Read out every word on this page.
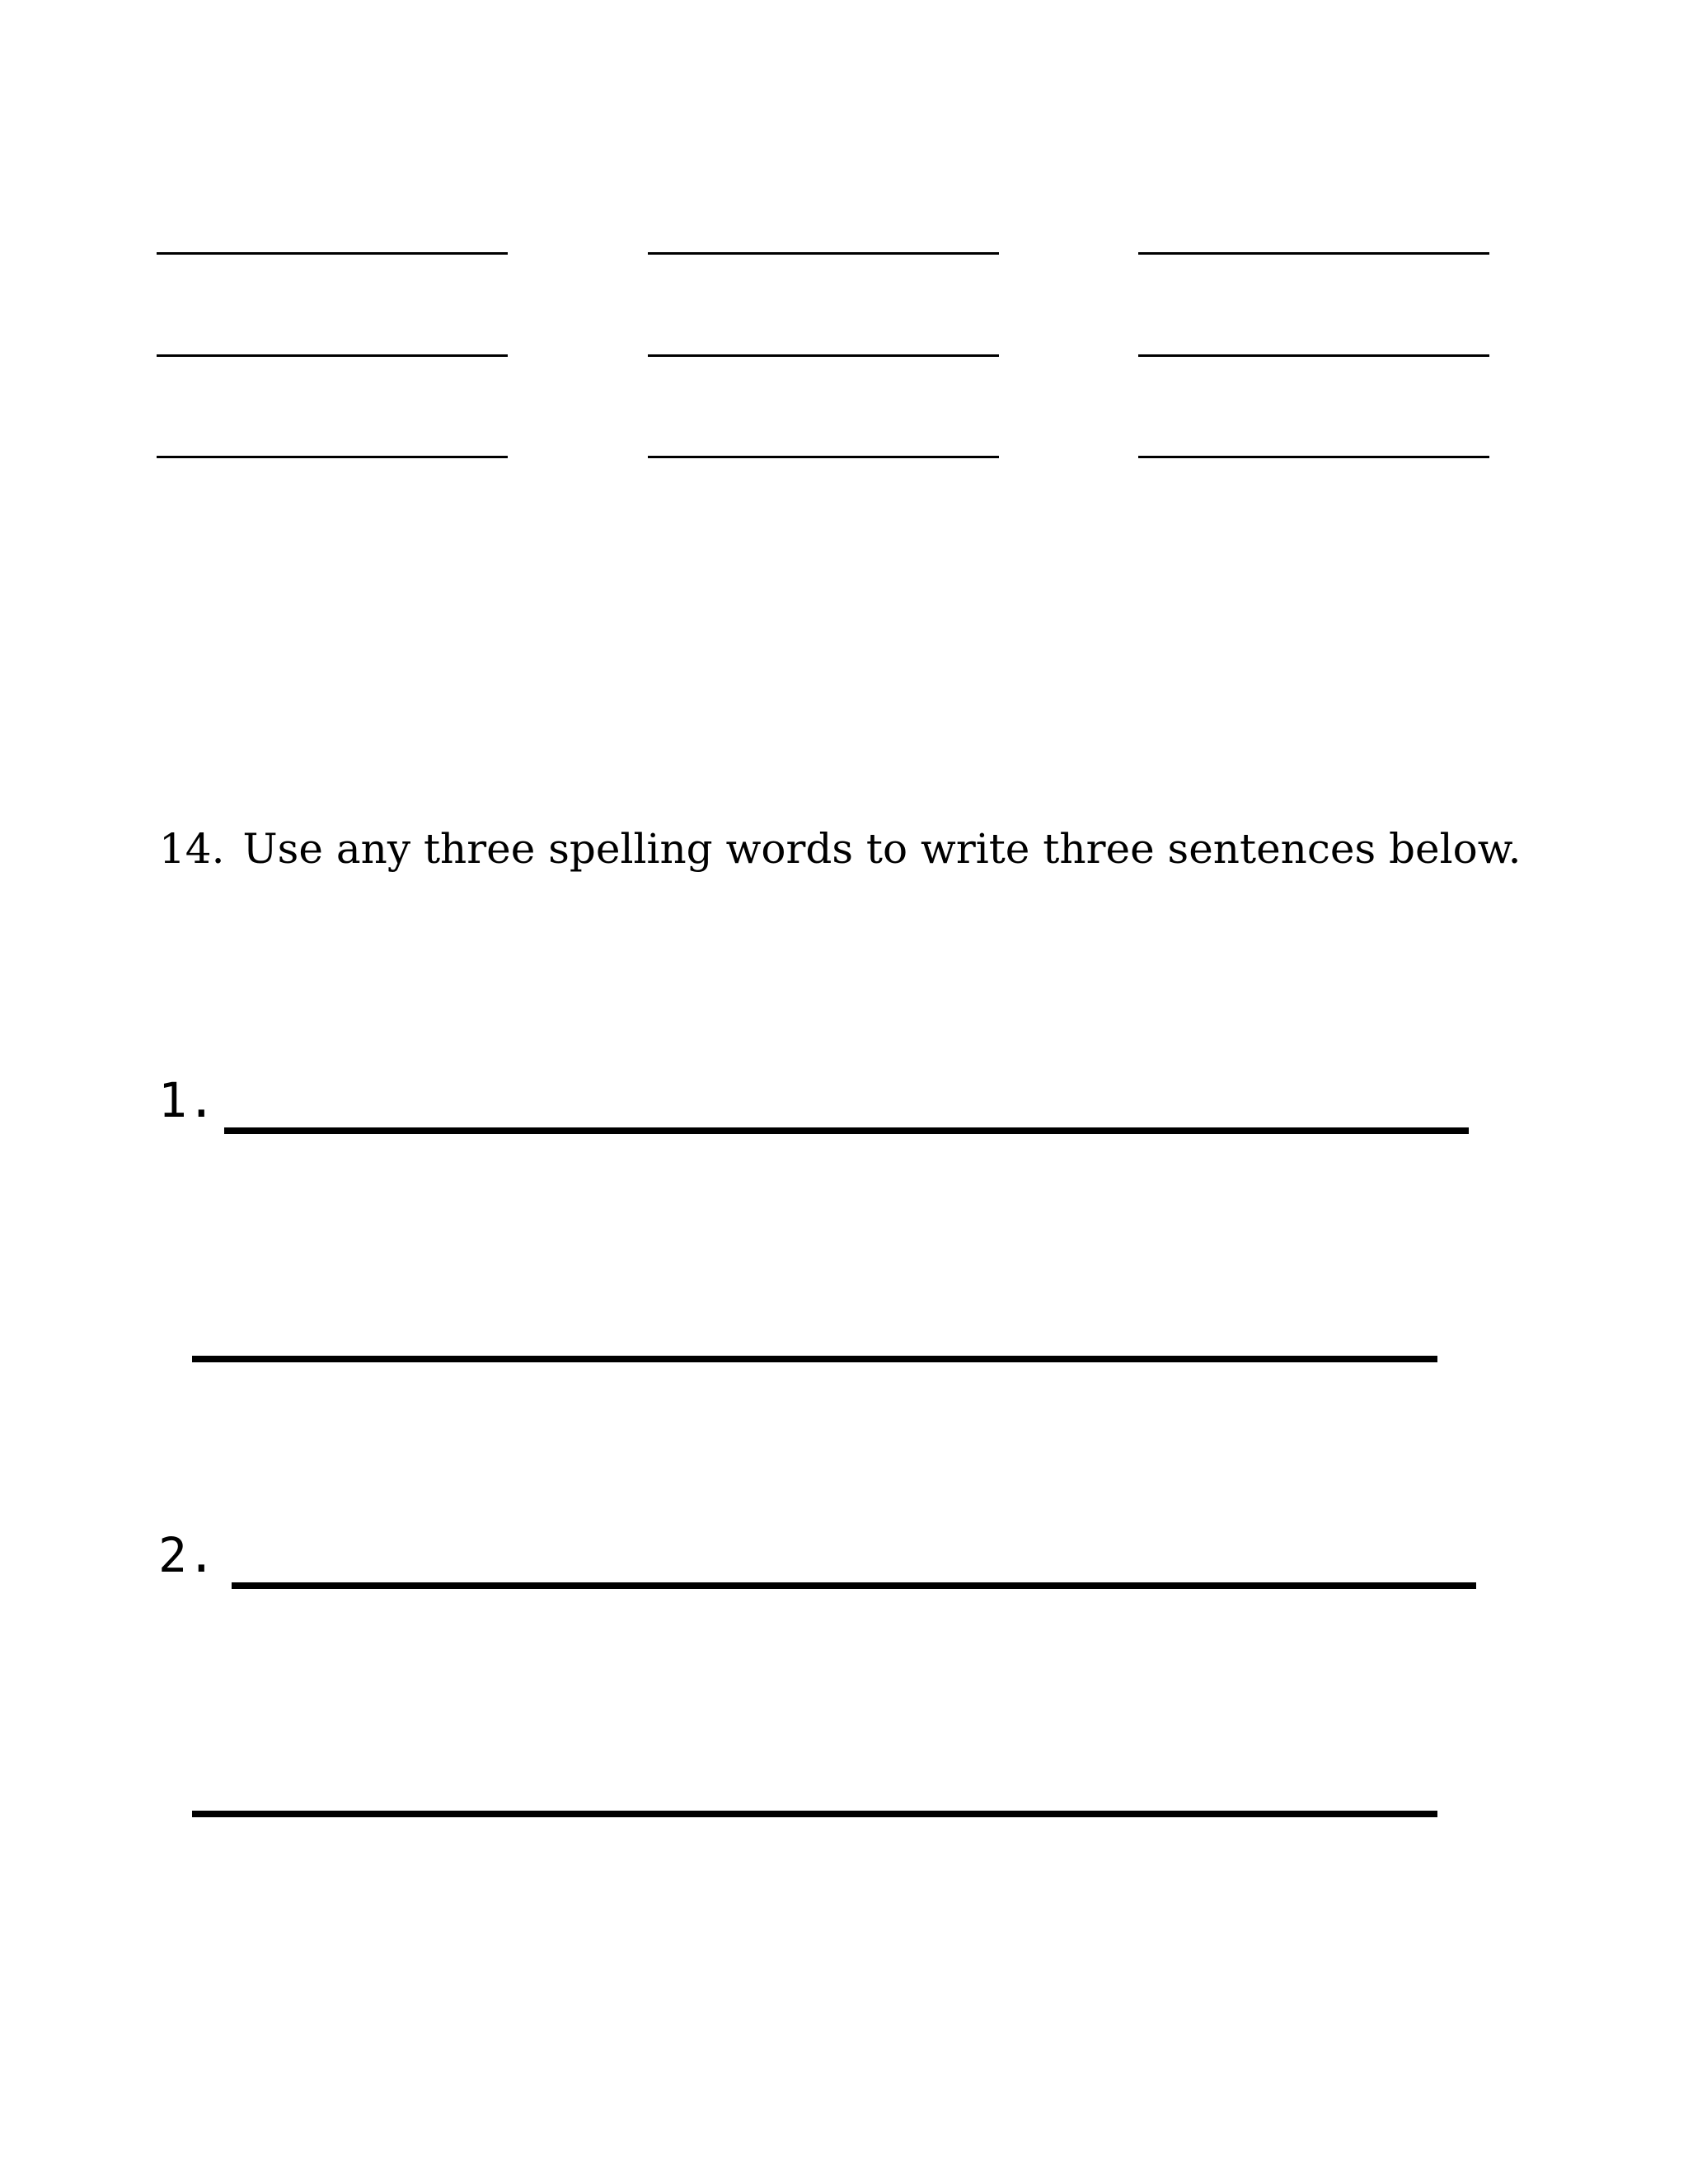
14. Use any three spelling words to write three sentences below.
1.
2.
